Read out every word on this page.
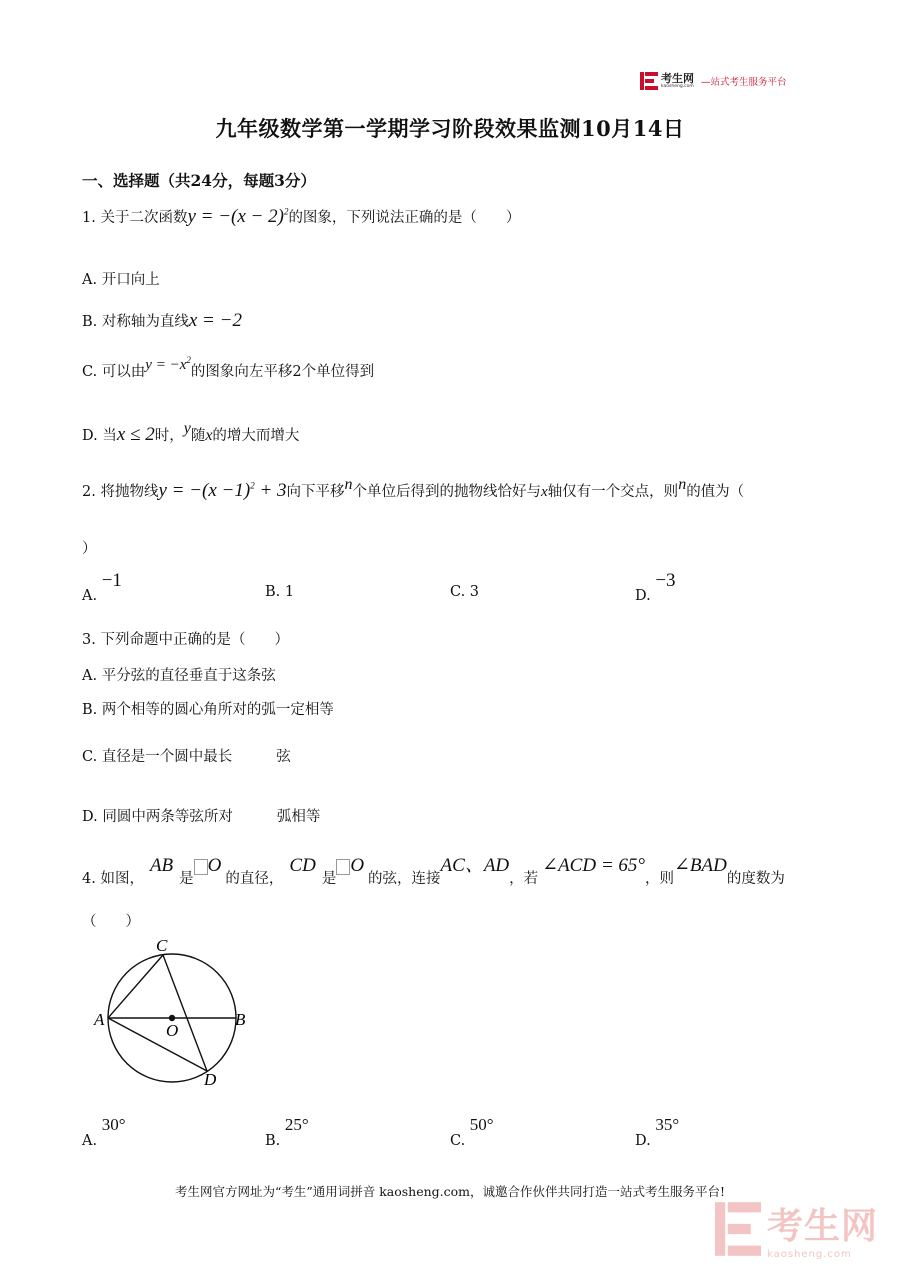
考生网
kaosheng.com —站式考生服务平台
九年级数学第一学期学习阶段效果监测10月14日
一、选择题（共24分，每题3分）
1. 关于二次函数$y = -(x - 2)^2$的图象，下列说法正确的是（　　）
A. 开口向上
B. 对称轴为直线x = −2
C. 可以由$y = -x^2$的图象向左平移2个单位得到
D. 当x ≤ 2时，y随x的增大而增大
2. 将抛物线$y = -(x -1)^2 + 3$向下平移n个单位后得到的抛物线恰好与x轴仅有一个交点，则n的值为（
）
A. −1
B. 1	C. 3	D. −3
3. 下列命题中正确的是（　　）
A. 平分弦的直径垂直于这条弦
B. 两个相等的圆心角所对的弧一定相等
C. 直径是一个圆中最长	弦
D. 同圆中两条等弦所对	弧相等
4. 如图，AB是O的直径，CD是O的弦，连接AC、AD，若∠ACD = 65°，则∠BAD的度数为
（　　）
C
A	B
O
D
A. 30°
B. 25°
C. 50°
D. 35°
考生网官方网址为“考生”通用词拼音 kaosheng.com，诚邀合作伙伴共同打造一站式考生服务平台!
考生网
kaosheng.com
